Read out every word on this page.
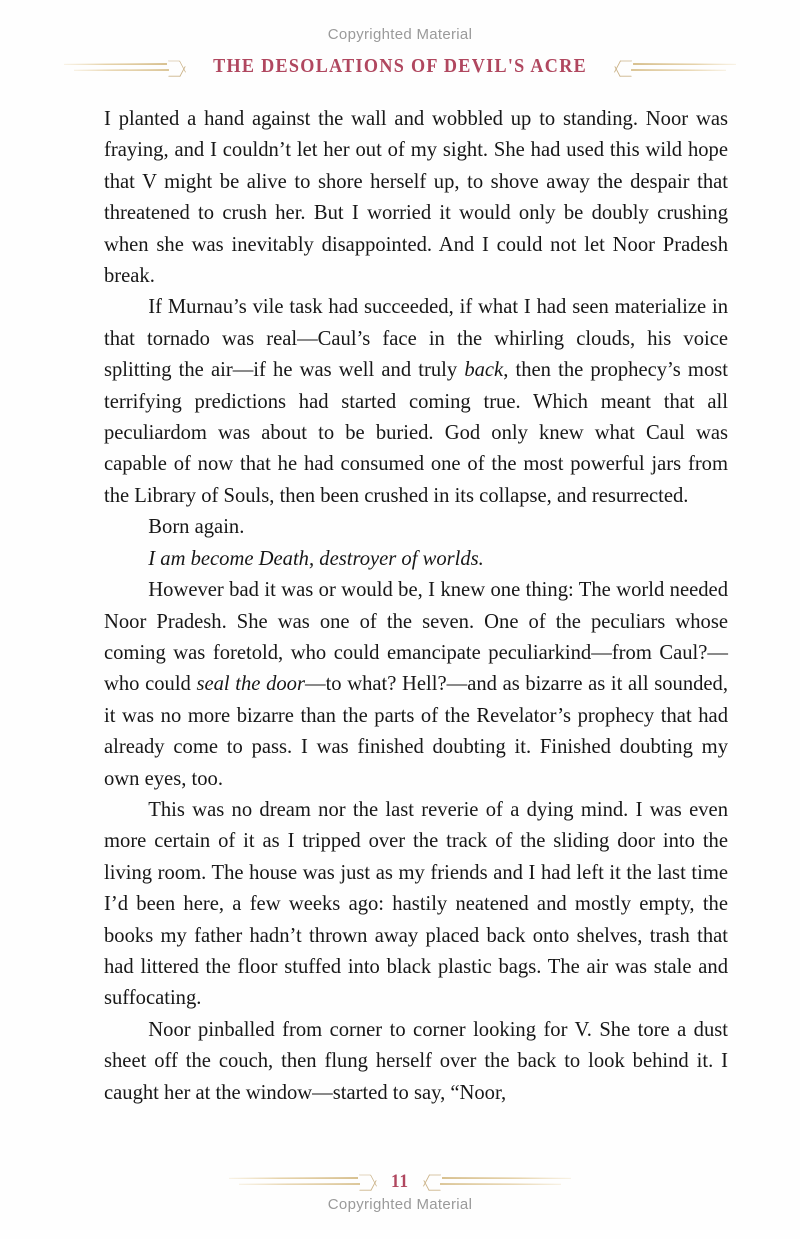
Copyrighted Material
THE DESOLATIONS OF DEVIL'S ACRE

I planted a hand against the wall and wobbled up to standing. Noor was fraying, and I couldn’t let her out of my sight. She had used this wild hope that V might be alive to shore herself up, to shove away the despair that threatened to crush her. But I worried it would only be doubly crushing when she was inevitably disappointed. And I could not let Noor Pradesh break.

If Murnau’s vile task had succeeded, if what I had seen materialize in that tornado was real—Caul’s face in the whirling clouds, his voice splitting the air—if he was well and truly back, then the prophecy’s most terrifying predictions had started coming true. Which meant that all peculiardom was about to be buried. God only knew what Caul was capable of now that he had consumed one of the most powerful jars from the Library of Souls, then been crushed in its collapse, and resurrected.

Born again.

I am become Death, destroyer of worlds.

However bad it was or would be, I knew one thing: The world needed Noor Pradesh. She was one of the seven. One of the peculiars whose coming was foretold, who could emancipate peculiarkind—from Caul?—who could seal the door—to what? Hell?—and as bizarre as it all sounded, it was no more bizarre than the parts of the Revelator’s prophecy that had already come to pass. I was finished doubting it. Finished doubting my own eyes, too.

This was no dream nor the last reverie of a dying mind. I was even more certain of it as I tripped over the track of the sliding door into the living room. The house was just as my friends and I had left it the last time I’d been here, a few weeks ago: hastily neatened and mostly empty, the books my father hadn’t thrown away placed back onto shelves, trash that had littered the floor stuffed into black plastic bags. The air was stale and suffocating.

Noor pinballed from corner to corner looking for V. She tore a dust sheet off the couch, then flung herself over the back to look behind it. I caught her at the window—started to say, “Noor,

11
Copyrighted Material
